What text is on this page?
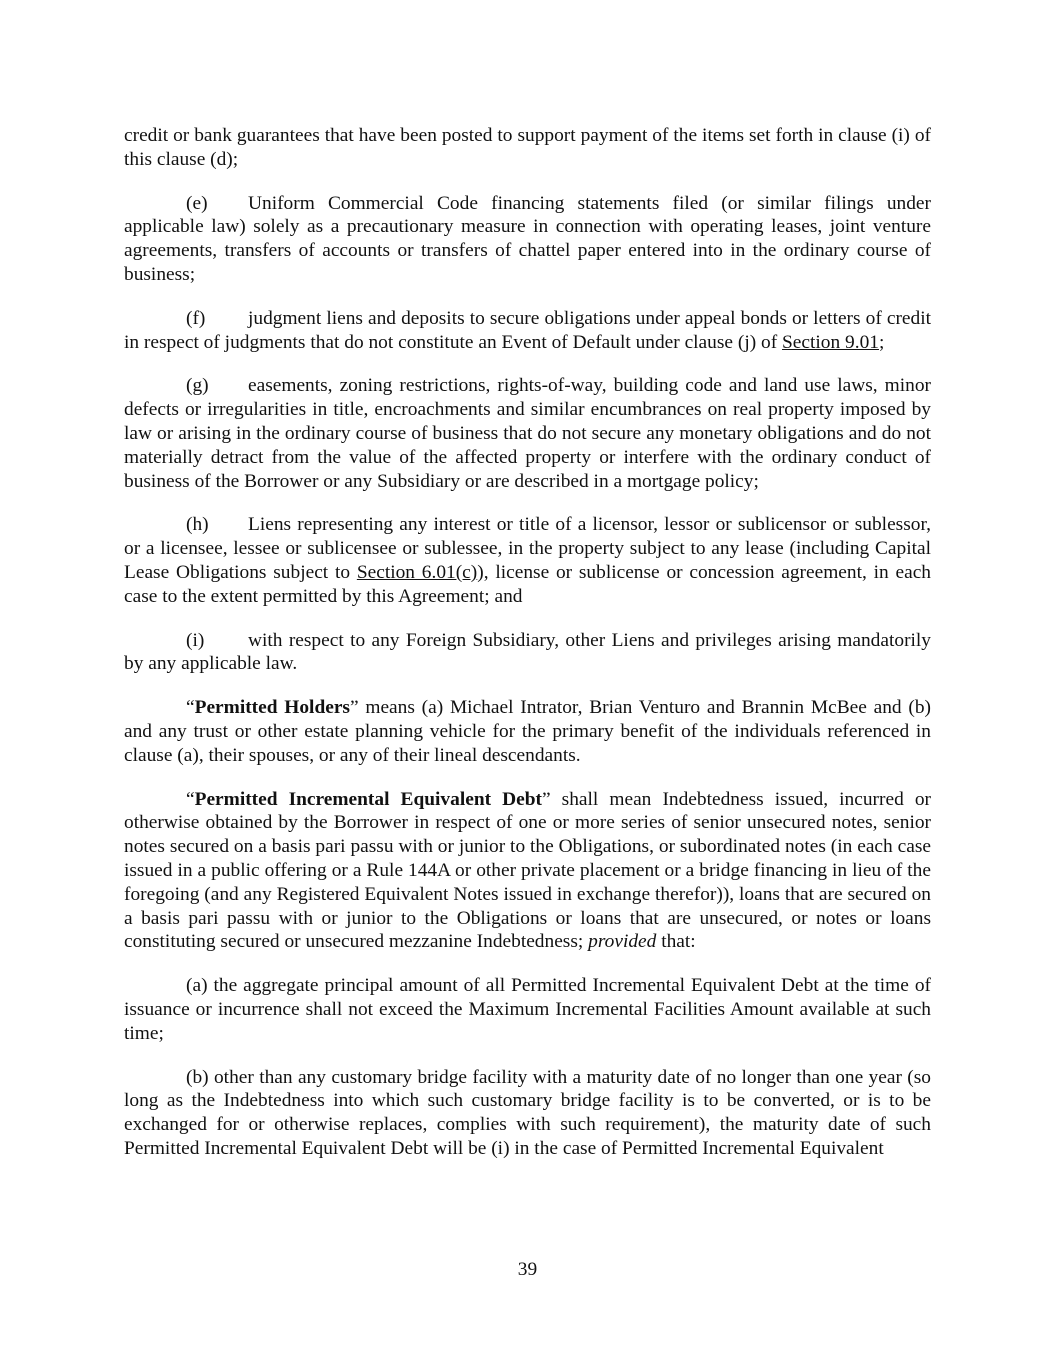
credit or bank guarantees that have been posted to support payment of the items set forth in clause (i) of this clause (d);

(e) Uniform Commercial Code financing statements filed (or similar filings under applicable law) solely as a precautionary measure in connection with operating leases, joint venture agreements, transfers of accounts or transfers of chattel paper entered into in the ordinary course of business;

(f) judgment liens and deposits to secure obligations under appeal bonds or letters of credit in respect of judgments that do not constitute an Event of Default under clause (j) of Section 9.01;

(g) easements, zoning restrictions, rights-of-way, building code and land use laws, minor defects or irregularities in title, encroachments and similar encumbrances on real property imposed by law or arising in the ordinary course of business that do not secure any monetary obligations and do not materially detract from the value of the affected property or interfere with the ordinary conduct of business of the Borrower or any Subsidiary or are described in a mortgage policy;

(h) Liens representing any interest or title of a licensor, lessor or sublicensor or sublessor, or a licensee, lessee or sublicensee or sublessee, in the property subject to any lease (including Capital Lease Obligations subject to Section 6.01(c)), license or sublicense or concession agreement, in each case to the extent permitted by this Agreement; and

(i) with respect to any Foreign Subsidiary, other Liens and privileges arising mandatorily by any applicable law.

“Permitted Holders” means (a) Michael Intrator, Brian Venturo and Brannin McBee and (b) and any trust or other estate planning vehicle for the primary benefit of the individuals referenced in clause (a), their spouses, or any of their lineal descendants.

“Permitted Incremental Equivalent Debt” shall mean Indebtedness issued, incurred or otherwise obtained by the Borrower in respect of one or more series of senior unsecured notes, senior notes secured on a basis pari passu with or junior to the Obligations, or subordinated notes (in each case issued in a public offering or a Rule 144A or other private placement or a bridge financing in lieu of the foregoing (and any Registered Equivalent Notes issued in exchange therefor)), loans that are secured on a basis pari passu with or junior to the Obligations or loans that are unsecured, or notes or loans constituting secured or unsecured mezzanine Indebtedness; provided that:

(a) the aggregate principal amount of all Permitted Incremental Equivalent Debt at the time of issuance or incurrence shall not exceed the Maximum Incremental Facilities Amount available at such time;

(b) other than any customary bridge facility with a maturity date of no longer than one year (so long as the Indebtedness into which such customary bridge facility is to be converted, or is to be exchanged for or otherwise replaces, complies with such requirement), the maturity date of such Permitted Incremental Equivalent Debt will be (i) in the case of Permitted Incremental Equivalent

39
